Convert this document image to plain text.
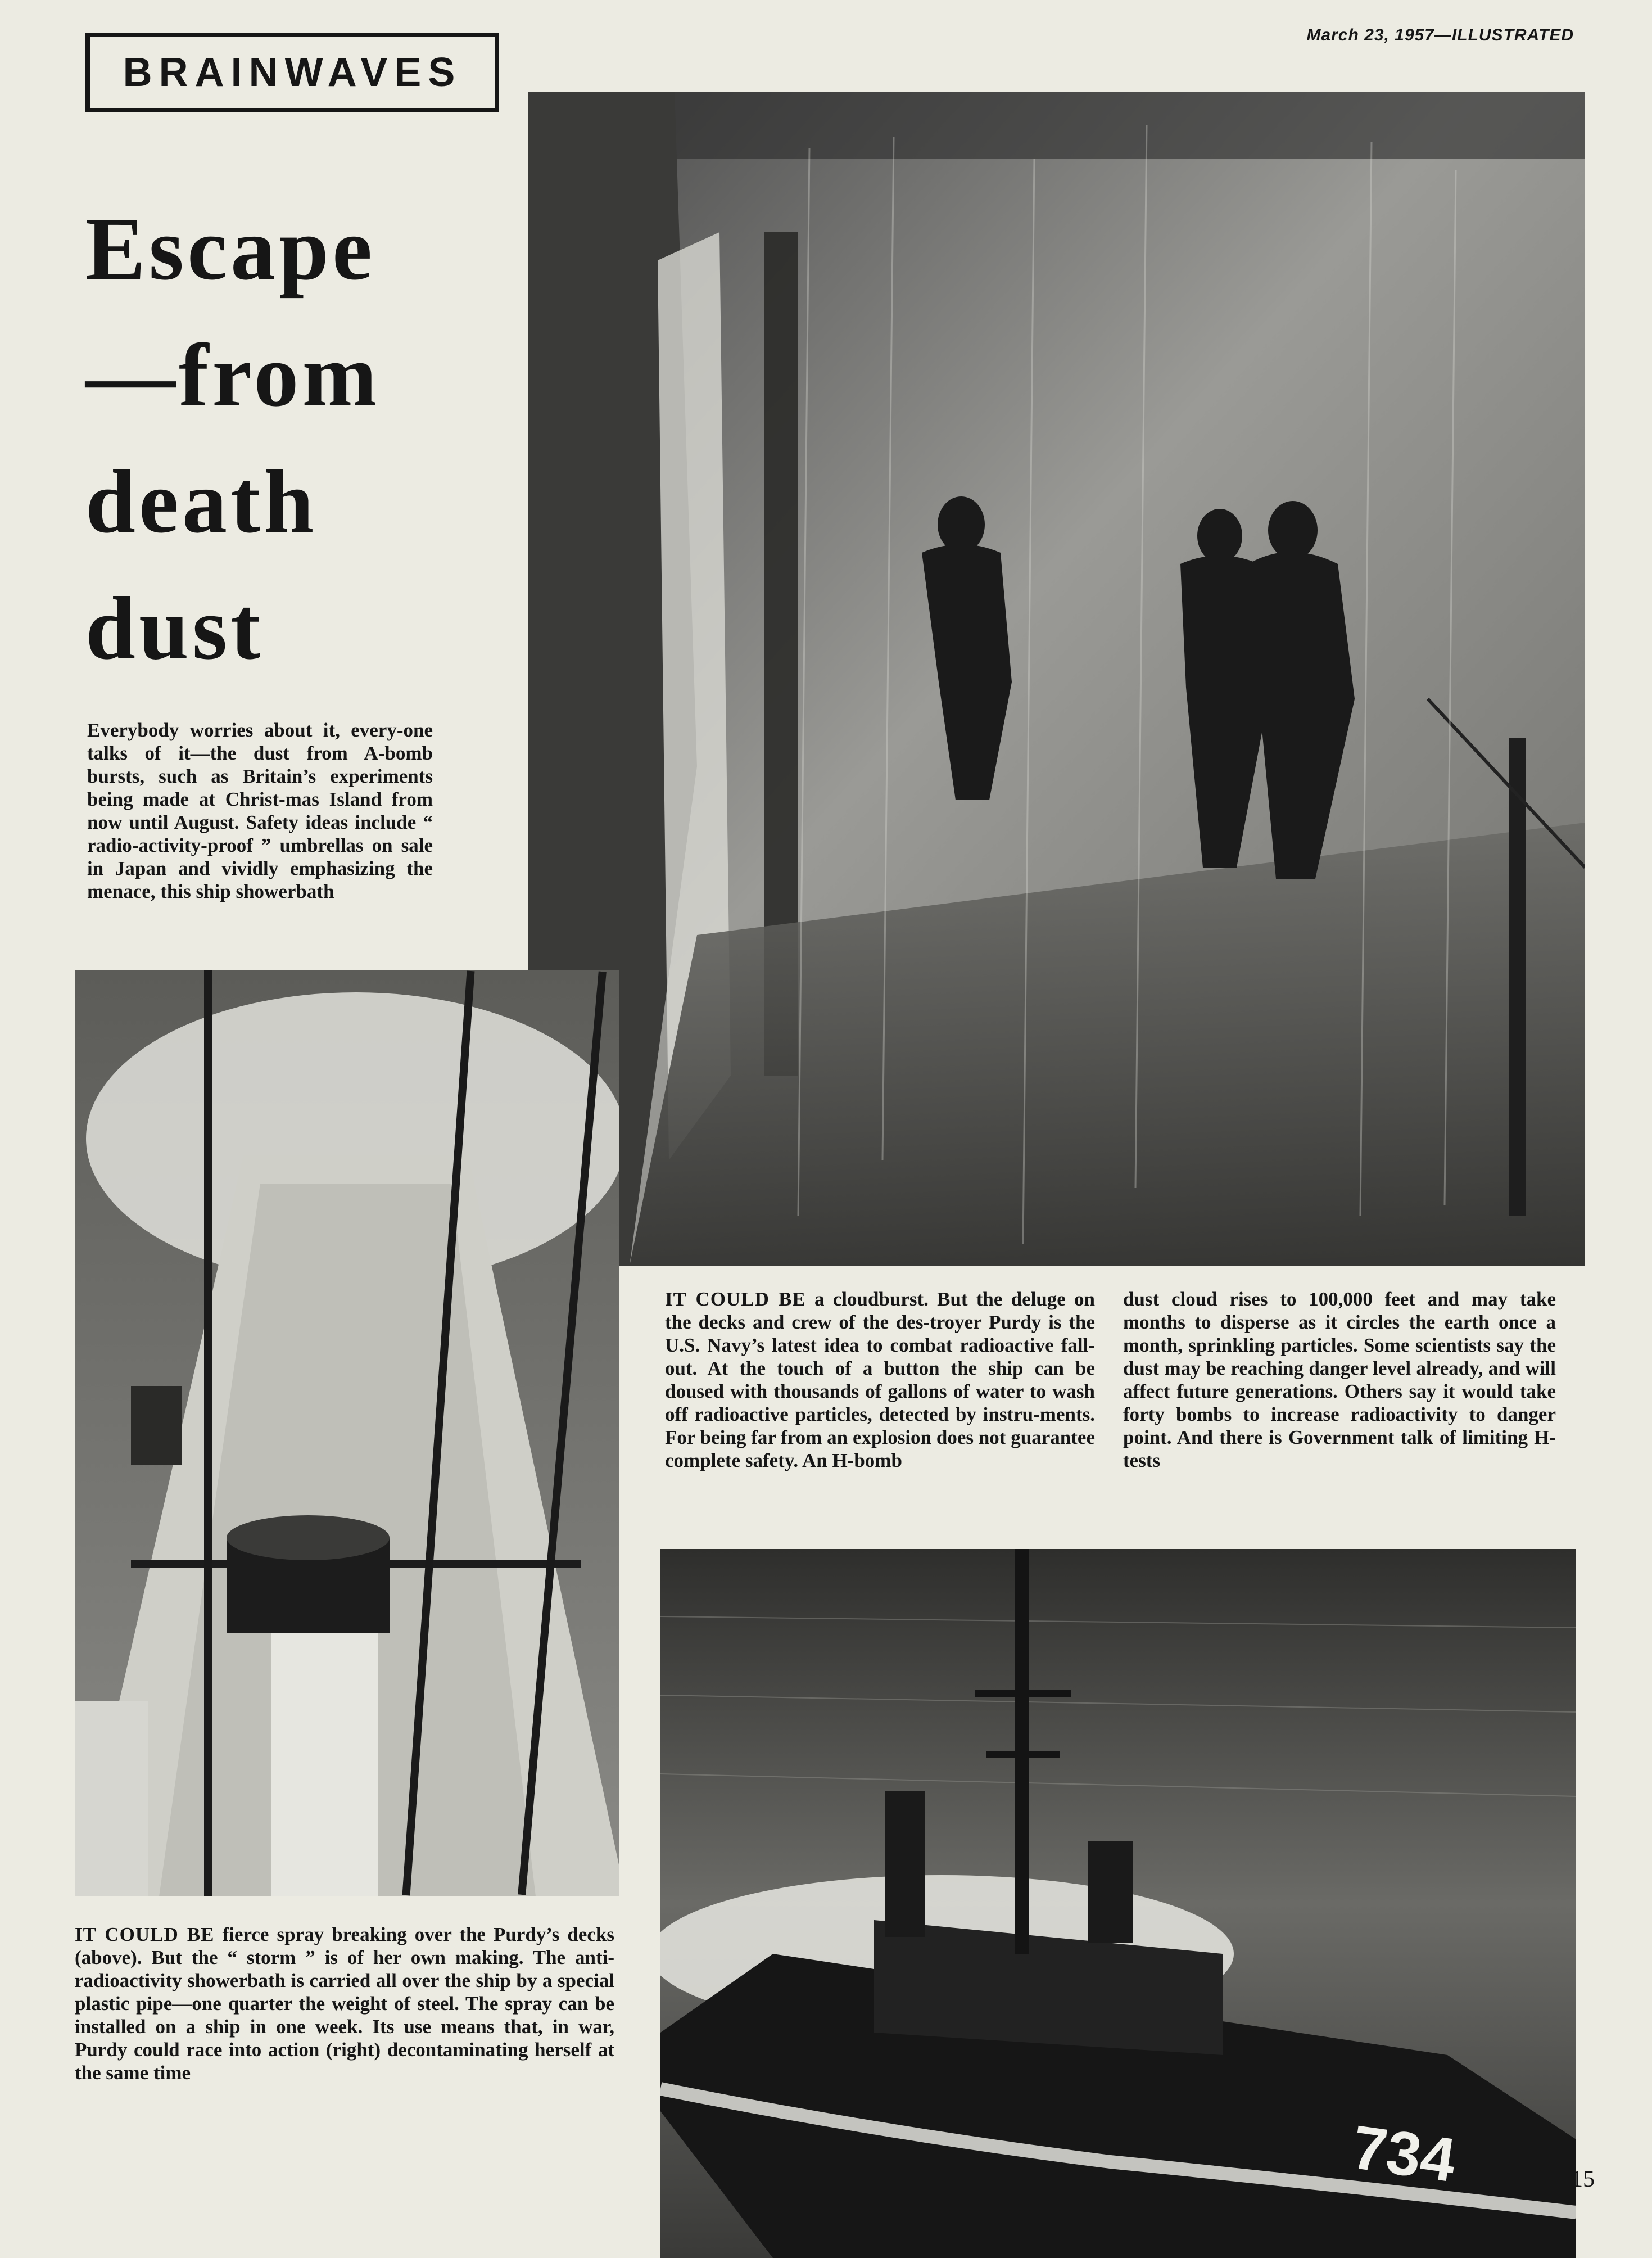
March 23, 1957—ILLUSTRATED
BRAINWAVES
Escape
—from
death
dust
Everybody worries about it, every-one talks of it—the dust from A-bomb bursts, such as Britain’s experiments being made at Christ-mas Island from now until August. Safety ideas include “ radio-activity-proof ” umbrellas on sale in Japan and vividly emphasizing the menace, this ship showerbath
734
IT COULD BE a cloudburst. But the deluge on the decks and crew of the des-troyer Purdy is the U.S. Navy’s latest idea to combat radioactive fall-out. At the touch of a button the ship can be doused with thousands of gallons of water to wash off radioactive particles, detected by instru-ments. For being far from an explosion does not guarantee complete safety. An H-bomb
dust cloud rises to 100,000 feet and may take months to disperse as it circles the earth once a month, sprinkling particles. Some scientists say the dust may be reaching danger level already, and will affect future generations. Others say it would take forty bombs to increase radioactivity to danger point. And there is Government talk of limiting H-tests
IT COULD BE fierce spray breaking over the Purdy’s decks (above). But the “ storm ” is of her own making. The anti-radioactivity showerbath is carried all over the ship by a special plastic pipe—one quarter the weight of steel. The spray can be installed on a ship in one week. Its use means that, in war, Purdy could race into action (right) decontaminating herself at the same time
15
